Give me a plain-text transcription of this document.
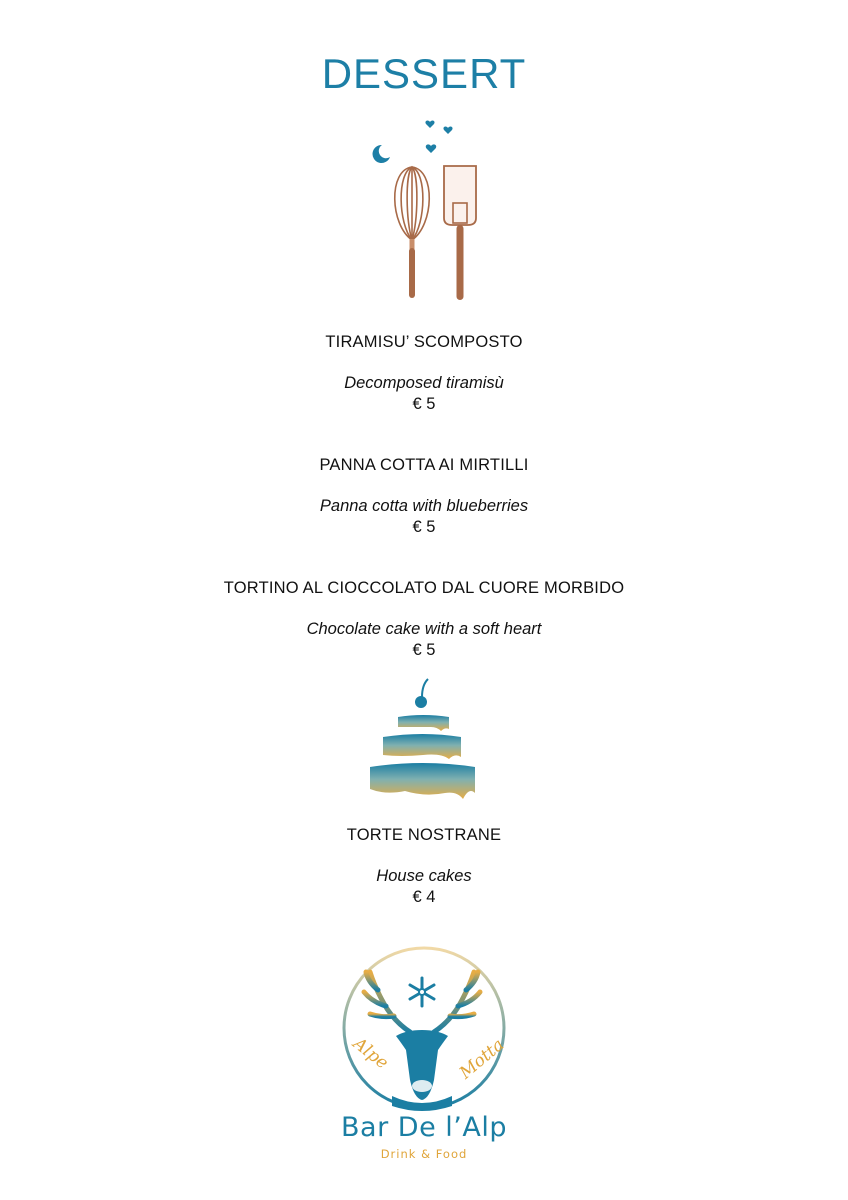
DESSERT
TIRAMISU’ SCOMPOSTO
Decomposed tiramisù
€ 5
PANNA COTTA AI MIRTILLI
Panna cotta with blueberries
€ 5
TORTINO AL CIOCCOLATO DAL CUORE MORBIDO
Chocolate cake with a soft heart
€ 5
TORTE NOSTRANE
House cakes
€ 4
Alpe	Motta
Bar De l’Alp
Drink & Food
